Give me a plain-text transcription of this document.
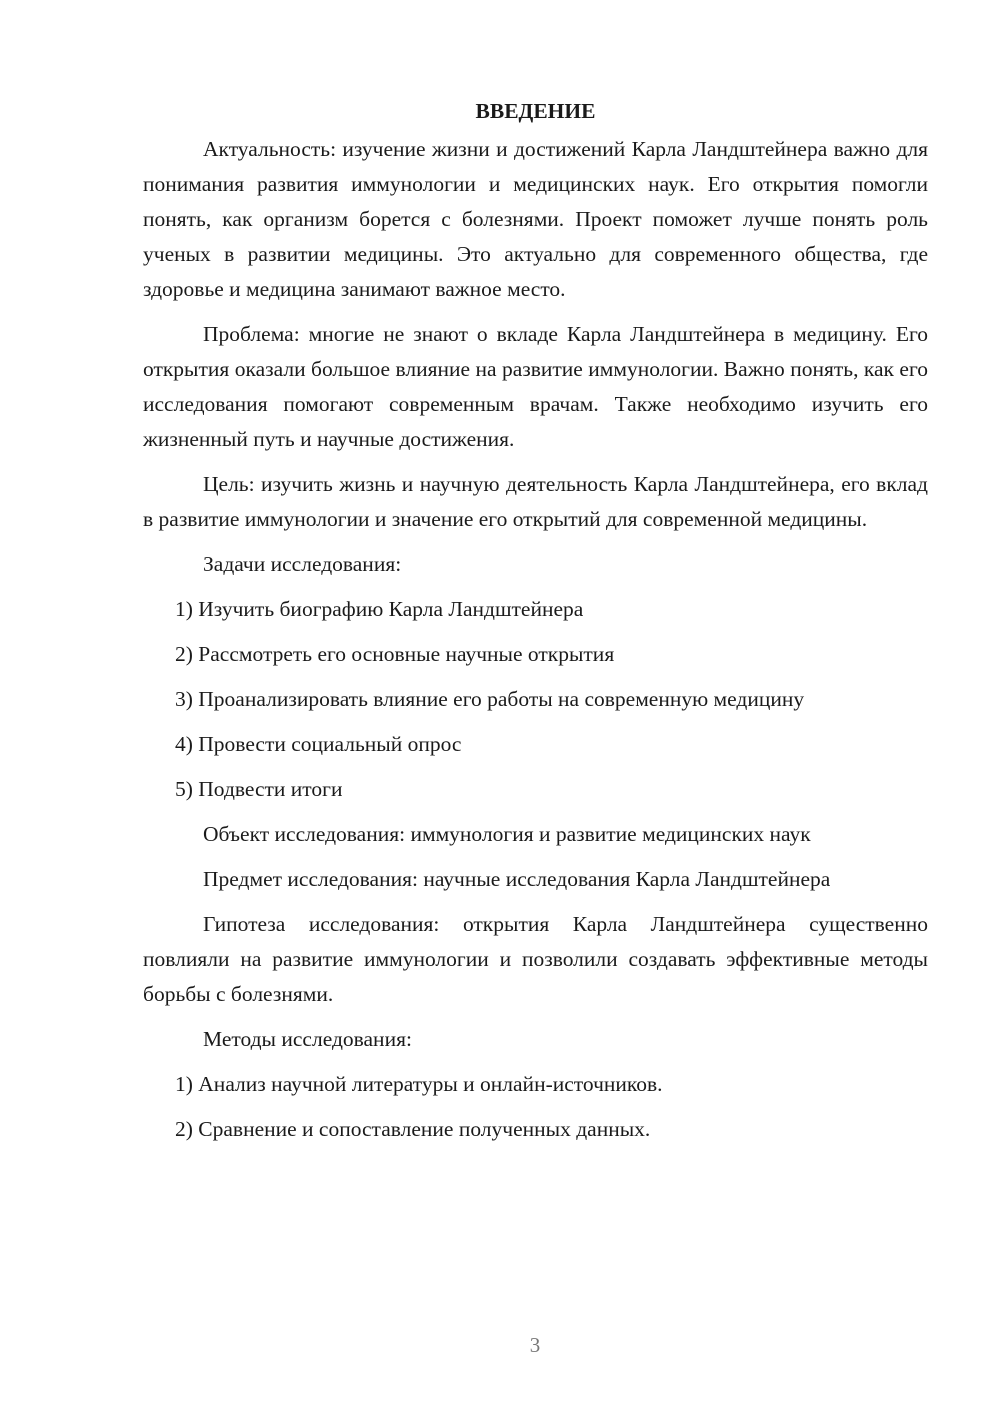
ВВЕДЕНИЕ

Актуальность: изучение жизни и достижений Карла Ландштейнера важно для понимания развития иммунологии и медицинских наук. Его открытия помогли понять, как организм борется с болезнями. Проект поможет лучше понять роль ученых в развитии медицины. Это актуально для современного общества, где здоровье и медицина занимают важное место.

Проблема: многие не знают о вкладе Карла Ландштейнера в медицину. Его открытия оказали большое влияние на развитие иммунологии. Важно понять, как его исследования помогают современным врачам. Также необходимо изучить его жизненный путь и научные достижения.

Цель: изучить жизнь и научную деятельность Карла Ландштейнера, его вклад в развитие иммунологии и значение его открытий для современной медицины.

Задачи исследования:

1) Изучить биографию Карла Ландштейнера

2) Рассмотреть его основные научные открытия

3) Проанализировать влияние его работы на современную медицину

4) Провести социальный опрос

5) Подвести итоги

Объект исследования: иммунология и развитие медицинских наук

Предмет исследования: научные исследования Карла Ландштейнера

Гипотеза исследования: открытия Карла Ландштейнера существенно повлияли на развитие иммунологии и позволили создавать эффективные методы борьбы с болезнями.

Методы исследования:

1) Анализ научной литературы и онлайн-источников.

2) Сравнение и сопоставление полученных данных.

3
